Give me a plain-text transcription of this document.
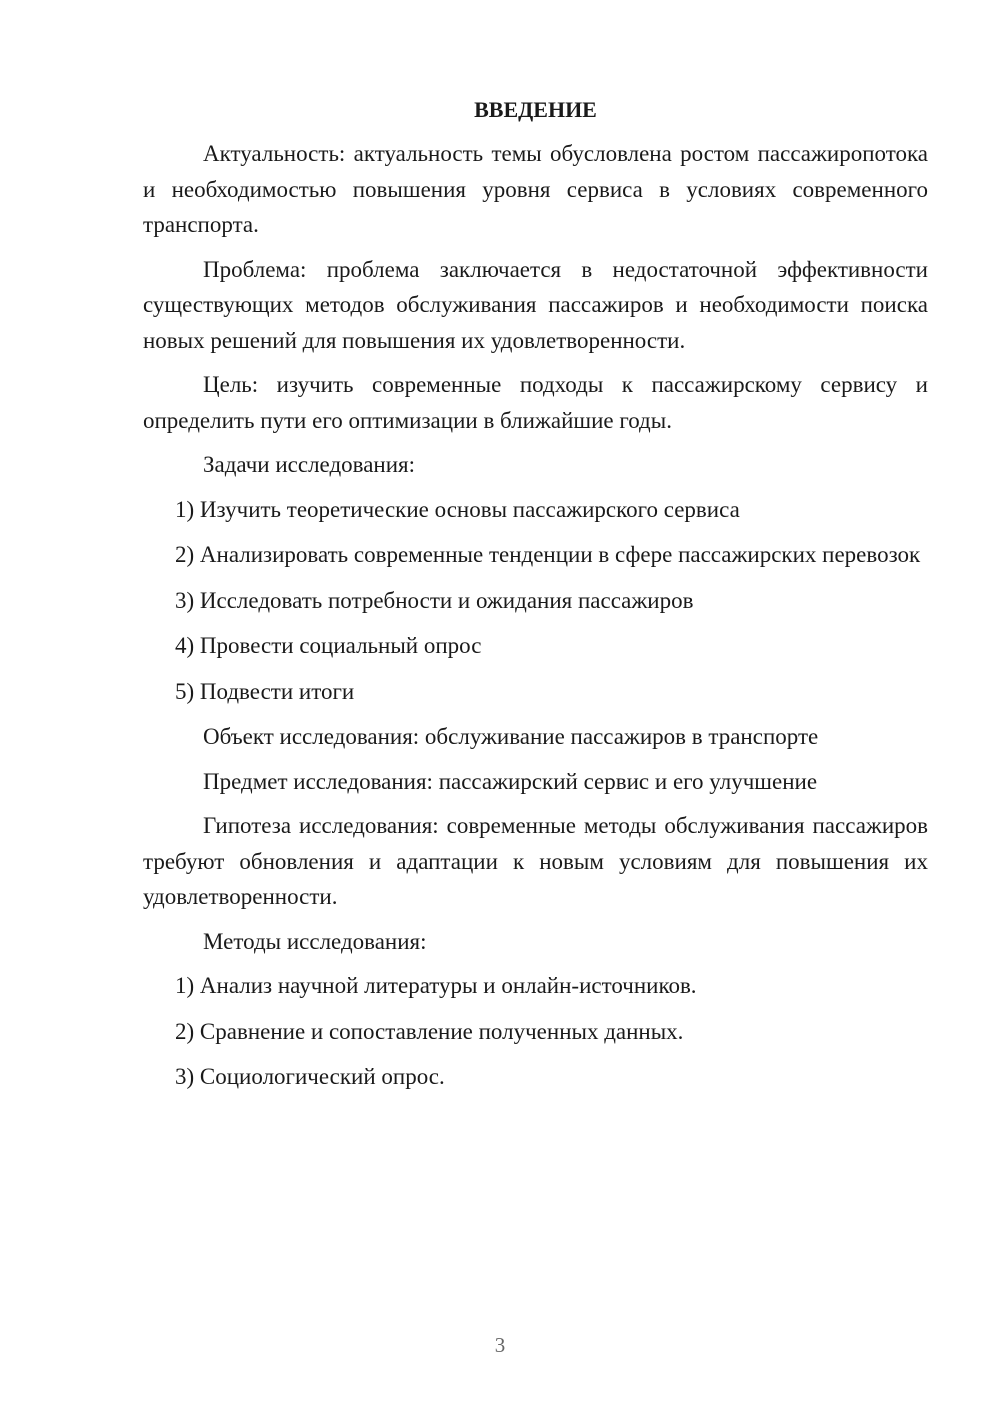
ВВЕДЕНИЕ

Актуальность: актуальность темы обусловлена ростом пассажиропотока и необходимостью повышения уровня сервиса в условиях современного транспорта.

Проблема: проблема заключается в недостаточной эффективности существующих методов обслуживания пассажиров и необходимости поиска новых решений для повышения их удовлетворенности.

Цель: изучить современные подходы к пассажирскому сервису и определить пути его оптимизации в ближайшие годы.

Задачи исследования:

1) Изучить теоретические основы пассажирского сервиса

2) Анализировать современные тенденции в сфере пассажирских перевозок

3) Исследовать потребности и ожидания пассажиров

4) Провести социальный опрос

5) Подвести итоги

Объект исследования: обслуживание пассажиров в транспорте

Предмет исследования: пассажирский сервис и его улучшение

Гипотеза исследования: современные методы обслуживания пассажиров требуют обновления и адаптации к новым условиям для повышения их удовлетворенности.

Методы исследования:

1) Анализ научной литературы и онлайн-источников.

2) Сравнение и сопоставление полученных данных.

3) Социологический опрос.

3
